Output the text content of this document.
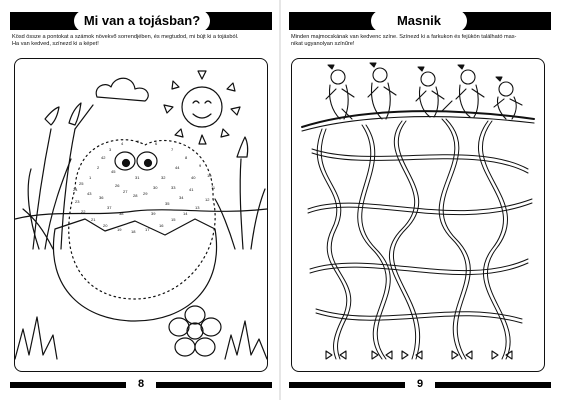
Mi van a tojásban?
Kösd össze a pontokat a számok növekvő sorrendjében, és megtudod, mi bújt ki a tojásból.
Ha van kedved, színezd ki a képet!
1
2
3
4	5	6
7
8
9
10
11
12
13
14
15
16
17
18
19
20
21
22
23
24
25	26
27
28 29
30
31	32
33
34
35
36
37
38	39
40
41
42
43
44
45
8
Masnik
Minden majmocskának van kedvenc színe. Színezd ki a farkukon és fejükön található mas-
nikat ugyanolyan színűre!
9
